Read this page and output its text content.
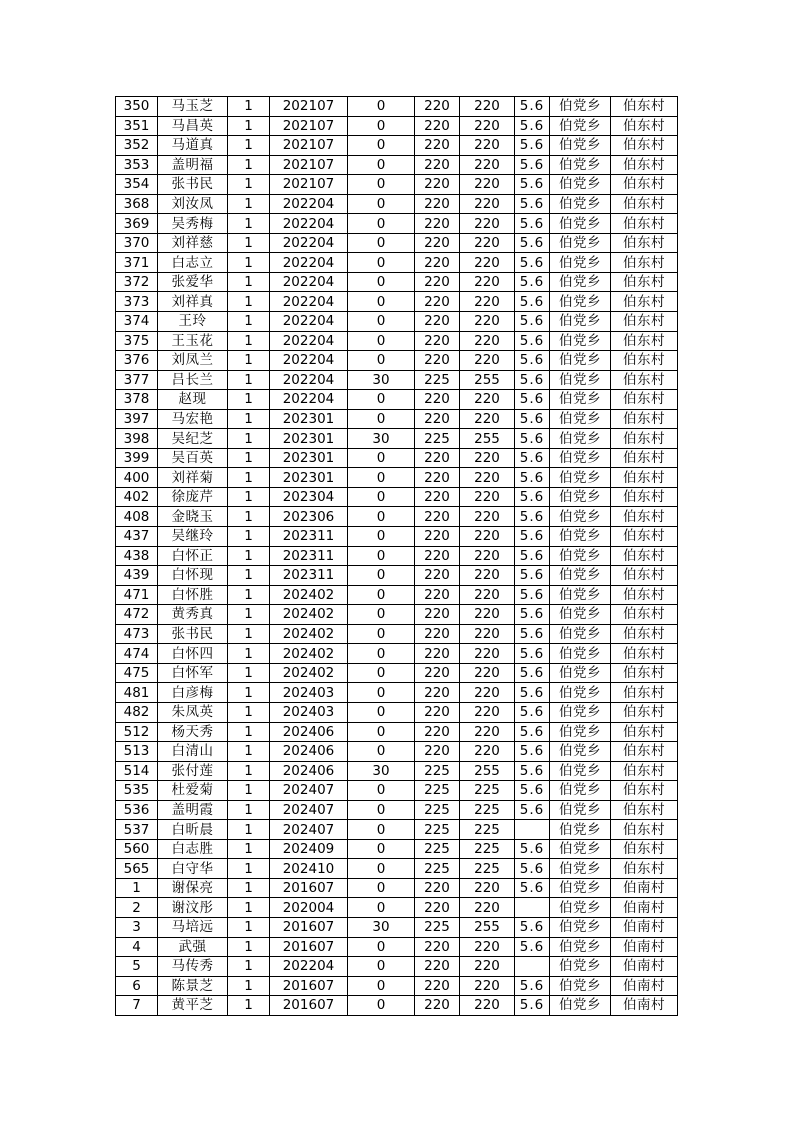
350	马玉芝	1	202107	0	220	220	5.6	伯党乡	伯东村
351	马昌英	1	202107	0	220	220	5.6	伯党乡	伯东村
352	马道真	1	202107	0	220	220	5.6	伯党乡	伯东村
353	盖明福	1	202107	0	220	220	5.6	伯党乡	伯东村
354	张书民	1	202107	0	220	220	5.6	伯党乡	伯东村
368	刘汝凤	1	202204	0	220	220	5.6	伯党乡	伯东村
369	吴秀梅	1	202204	0	220	220	5.6	伯党乡	伯东村
370	刘祥慈	1	202204	0	220	220	5.6	伯党乡	伯东村
371	白志立	1	202204	0	220	220	5.6	伯党乡	伯东村
372	张爱华	1	202204	0	220	220	5.6	伯党乡	伯东村
373	刘祥真	1	202204	0	220	220	5.6	伯党乡	伯东村
374	王玲	1	202204	0	220	220	5.6	伯党乡	伯东村
375	王玉花	1	202204	0	220	220	5.6	伯党乡	伯东村
376	刘凤兰	1	202204	0	220	220	5.6	伯党乡	伯东村
377	吕长兰	1	202204	30	225	255	5.6	伯党乡	伯东村
378	赵现	1	202204	0	220	220	5.6	伯党乡	伯东村
397	马宏艳	1	202301	0	220	220	5.6	伯党乡	伯东村
398	吴纪芝	1	202301	30	225	255	5.6	伯党乡	伯东村
399	吴百英	1	202301	0	220	220	5.6	伯党乡	伯东村
400	刘祥菊	1	202301	0	220	220	5.6	伯党乡	伯东村
402	徐庞芹	1	202304	0	220	220	5.6	伯党乡	伯东村
408	金晓玉	1	202306	0	220	220	5.6	伯党乡	伯东村
437	吴继玲	1	202311	0	220	220	5.6	伯党乡	伯东村
438	白怀正	1	202311	0	220	220	5.6	伯党乡	伯东村
439	白怀现	1	202311	0	220	220	5.6	伯党乡	伯东村
471	白怀胜	1	202402	0	220	220	5.6	伯党乡	伯东村
472	黄秀真	1	202402	0	220	220	5.6	伯党乡	伯东村
473	张书民	1	202402	0	220	220	5.6	伯党乡	伯东村
474	白怀四	1	202402	0	220	220	5.6	伯党乡	伯东村
475	白怀军	1	202402	0	220	220	5.6	伯党乡	伯东村
481	白彦梅	1	202403	0	220	220	5.6	伯党乡	伯东村
482	朱凤英	1	202403	0	220	220	5.6	伯党乡	伯东村
512	杨天秀	1	202406	0	220	220	5.6	伯党乡	伯东村
513	白清山	1	202406	0	220	220	5.6	伯党乡	伯东村
514	张付莲	1	202406	30	225	255	5.6	伯党乡	伯东村
535	杜爱菊	1	202407	0	225	225	5.6	伯党乡	伯东村
536	盖明霞	1	202407	0	225	225	5.6	伯党乡	伯东村
537	白昕晨	1	202407	0	225	225		伯党乡	伯东村
560	白志胜	1	202409	0	225	225	5.6	伯党乡	伯东村
565	白守华	1	202410	0	225	225	5.6	伯党乡	伯东村
1	谢保亮	1	201607	0	220	220	5.6	伯党乡	伯南村
2	谢汶彤	1	202004	0	220	220		伯党乡	伯南村
3	马培远	1	201607	30	225	255	5.6	伯党乡	伯南村
4	武强	1	201607	0	220	220	5.6	伯党乡	伯南村
5	马传秀	1	202204	0	220	220		伯党乡	伯南村
6	陈景芝	1	201607	0	220	220	5.6	伯党乡	伯南村
7	黄平芝	1	201607	0	220	220	5.6	伯党乡	伯南村
